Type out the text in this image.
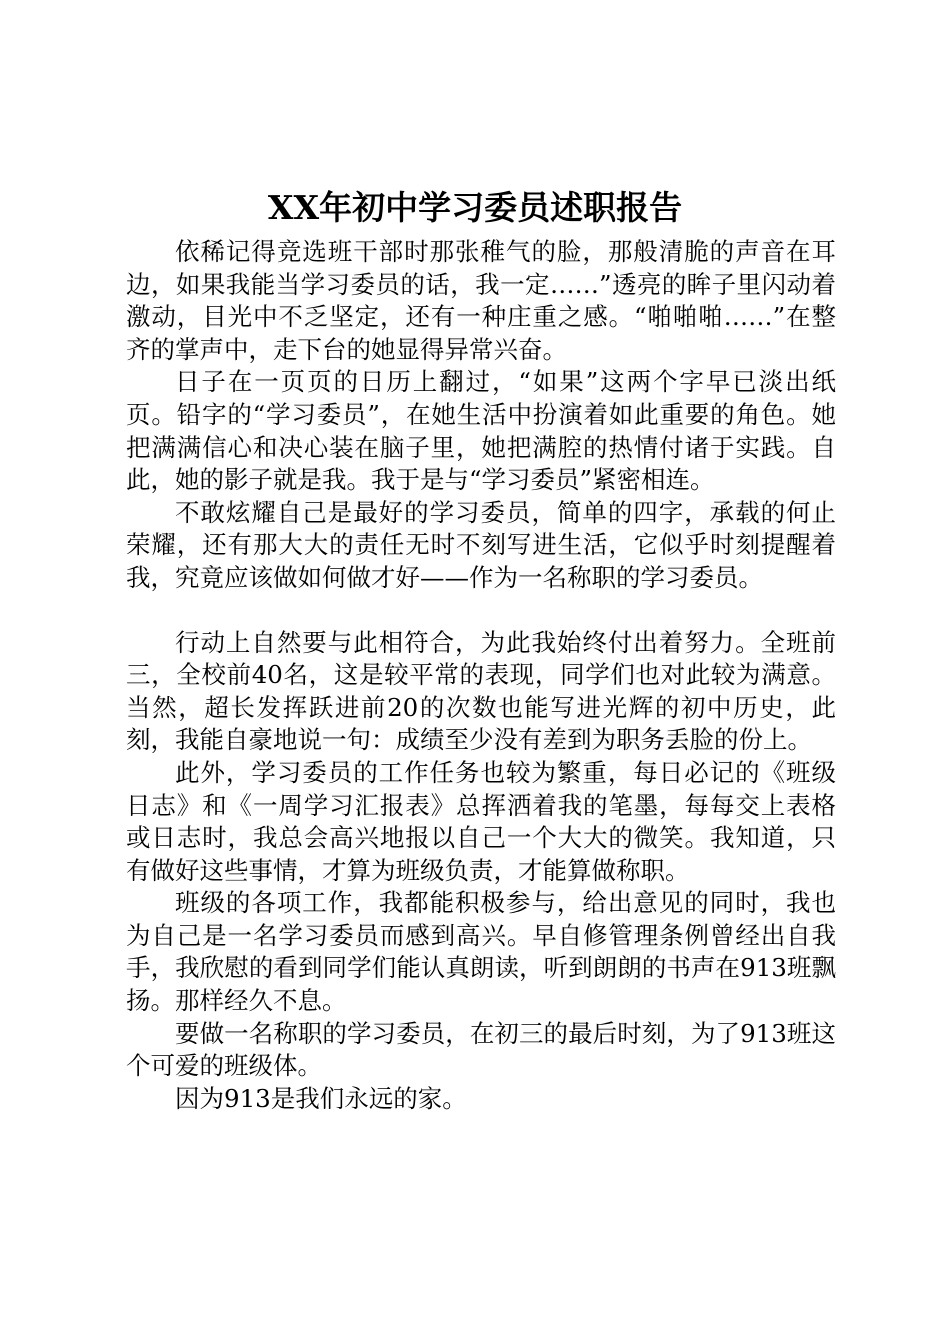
XX年初中学习委员述职报告

依稀记得竞选班干部时那张稚气的脸，那般清脆的声音在耳边，如果我能当学习委员的话，我一定……”透亮的眸子里闪动着激动，目光中不乏坚定，还有一种庄重之感。“啪啪啪……”在整齐的掌声中，走下台的她显得异常兴奋。

日子在一页页的日历上翻过，“如果”这两个字早已淡出纸页。铅字的“学习委员”，在她生活中扮演着如此重要的角色。她把满满信心和决心装在脑子里，她把满腔的热情付诸于实践。自此，她的影子就是我。我于是与“学习委员”紧密相连。

不敢炫耀自己是最好的学习委员，简单的四字，承载的何止荣耀，还有那大大的责任无时不刻写进生活，它似乎时刻提醒着我，究竟应该做如何做才好——作为一名称职的学习委员。

行动上自然要与此相符合，为此我始终付出着努力。全班前三，全校前40名，这是较平常的表现，同学们也对此较为满意。当然，超长发挥跃进前20的次数也能写进光辉的初中历史，此刻，我能自豪地说一句：成绩至少没有差到为职务丢脸的份上。

此外，学习委员的工作任务也较为繁重，每日必记的《班级日志》和《一周学习汇报表》总挥洒着我的笔墨，每每交上表格或日志时，我总会高兴地报以自己一个大大的微笑。我知道，只有做好这些事情，才算为班级负责，才能算做称职。

班级的各项工作，我都能积极参与，给出意见的同时，我也为自己是一名学习委员而感到高兴。早自修管理条例曾经出自我手，我欣慰的看到同学们能认真朗读，听到朗朗的书声在913班飘扬。那样经久不息。

要做一名称职的学习委员，在初三的最后时刻，为了913班这个可爱的班级体。

因为913是我们永远的家。
